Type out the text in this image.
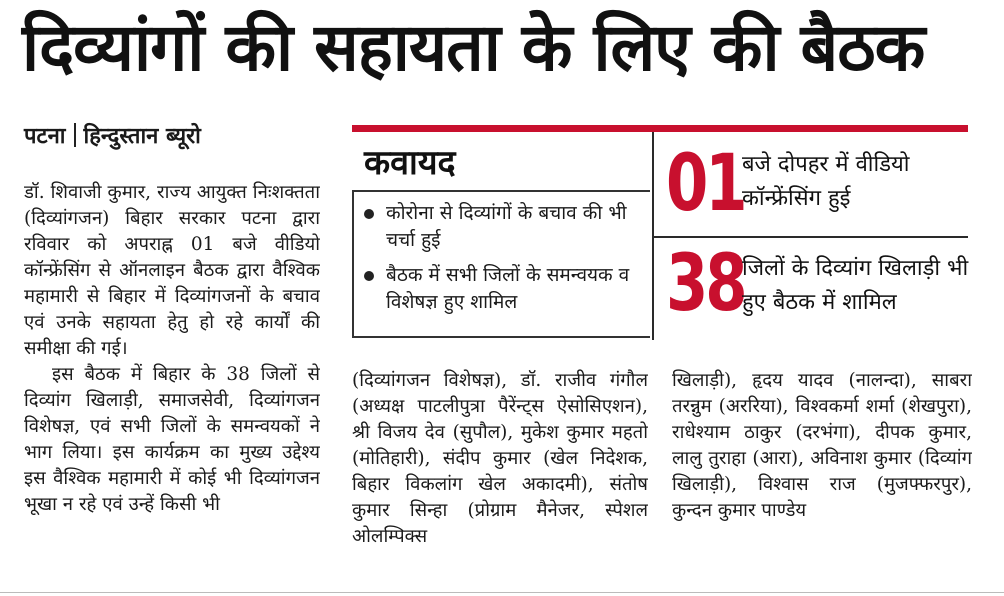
दिव्यांगों की सहायता के लिए की बैठक
पटना हिन्दुस्तान ब्यूरो

डॉ. शिवाजी कुमार, राज्य आयुक्त निःशक्तता (दिव्यांगजन) बिहार सरकार पटना द्वारा रविवार को अपराह्न 01 बजे वीडियो कॉन्फ्रेंसिंग से ऑनलाइन बैठक द्वारा वैश्विक महामारी से बिहार में दिव्यांगजनों के बचाव एवं उनके सहायता हेतु हो रहे कार्यों की समीक्षा की गई।

इस बैठक में बिहार के 38 जिलों से दिव्यांग खिलाड़ी, समाजसेवी, दिव्यांगजन विशेषज्ञ, एवं सभी जिलों के समन्वयकों ने भाग लिया। इस कार्यक्रम का मुख्य उद्देश्य इस वैश्विक महामारी में कोई भी दिव्यांगजन भूखा न रहे एवं उन्हें किसी भी

कवायद
कोरोना से दिव्यांगों के बचाव की भी चर्चा हुई
बैठक में सभी जिलों के समन्वयक व विशेषज्ञ हुए शामिल
01
बजे दोपहर में वीडियो कॉन्फ्रेंसिंग हुई
38
जिलों के दिव्यांग खिलाड़ी भी हुए बैठक में शामिल

(दिव्यांगजन विशेषज्ञ), डॉ. राजीव गंगौल (अध्यक्ष पाटलीपुत्रा पैरेंन्ट्स ऐसोसिएशन), श्री विजय देव (सुपौल), मुकेश कुमार महतो (मोतिहारी), संदीप कुमार (खेल निदेशक, बिहार विकलांग खेल अकादमी), संतोष कुमार सिन्हा (प्रोग्राम मैनेजर, स्पेशल ओलम्पिक्स

खिलाड़ी), हृदय यादव (नालन्दा), साबरा तरन्नुम (अररिया), विश्वकर्मा शर्मा (शेखपुरा), राधेश्याम ठाकुर (दरभंगा), दीपक कुमार, लालु तुराहा (आरा), अविनाश कुमार (दिव्यांग खिलाड़ी), विश्वास राज (मुजफ्फरपुर), कुन्दन कुमार पाण्डेय
